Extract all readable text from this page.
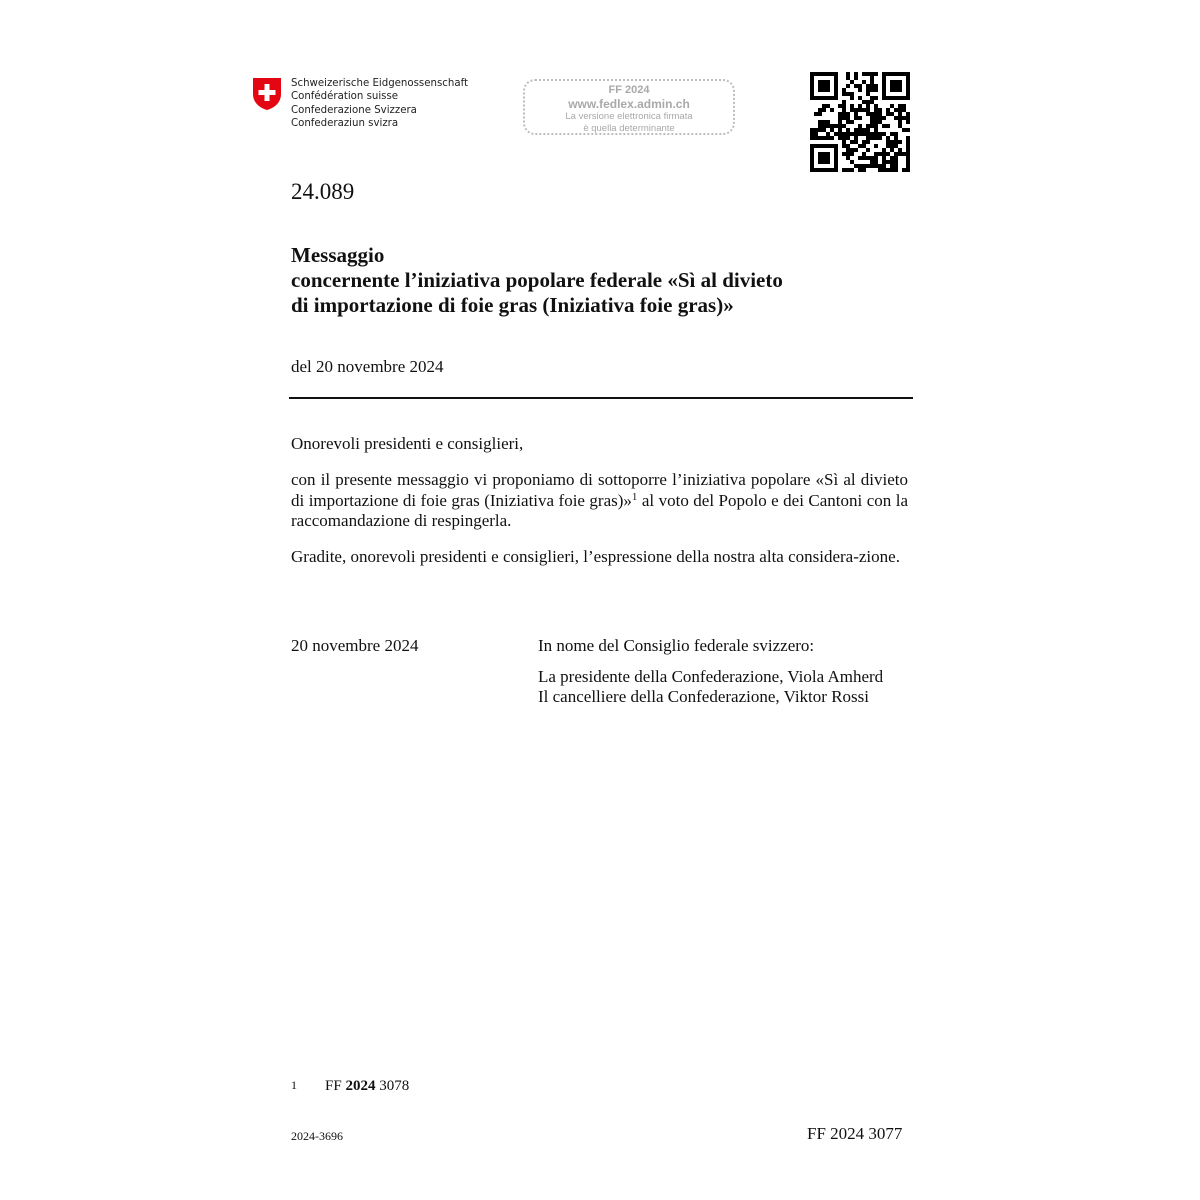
Schweizerische Eidgenossenschaft
Confédération suisse
Confederazione Svizzera
Confederaziun svizra
FF 2024
www.fedlex.admin.ch
La versione elettronica firmata
è quella determinante
24.089
Messaggio
concernente l’iniziativa popolare federale «Sì al divieto
di importazione di foie gras (Iniziativa foie gras)»
del 20 novembre 2024
Onorevoli presidenti e consiglieri,
con il presente messaggio vi proponiamo di sottoporre l’iniziativa popolare «Sì al divieto di importazione di foie gras (Iniziativa foie gras)»$^1$ al voto del Popolo e dei Cantoni con la raccomandazione di respingerla.
Gradite, onorevoli presidenti e consiglieri, l’espressione della nostra alta considera-zione.
20 novembre 2024	In nome del Consiglio federale svizzero:
La presidente della Confederazione, Viola Amherd
Il cancelliere della Confederazione, Viktor Rossi
1 FF 2024 3078
2024-3696	FF 2024 3077
